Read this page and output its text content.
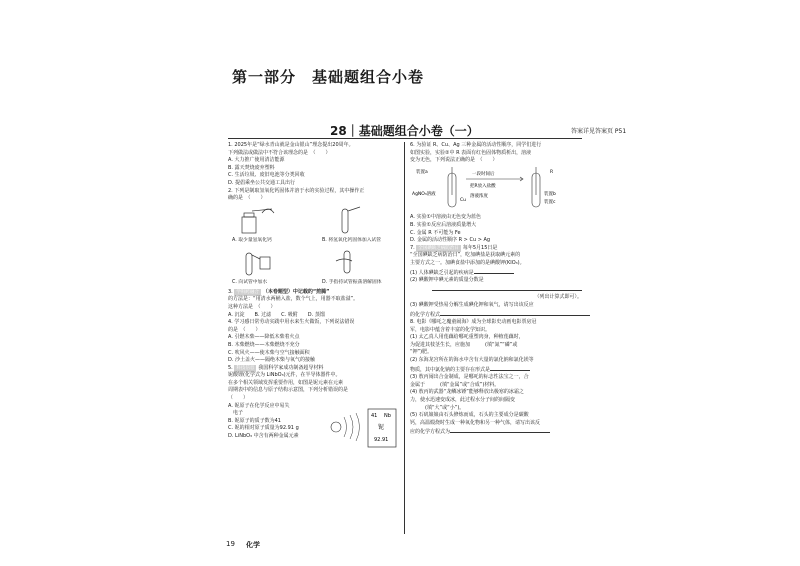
第一部分　基础题组合小卷
28｜基础题组合小卷（一）	答案详见答案页 P51
1. 2025年是“绿水青山就是金山银山”理念提出20周年。
下列做法或做法中不符合该理念的是　（　　）
A. 大力推广使用清洁能源
B. 露天焚烧废弃塑料
C. 生活垃圾、废旧电池等分类回收
D. 提倡乘坐公共交通工具出行
2. 下列是制取氢氧化钙固体并溶于水的实验过程，其中操作正
确的是　（　　）
A. 取少量氢氧化钙	B. 将氢氧化钙固体加入试管
C. 向试管中加水	D. 手指持试管振荡溶解固体
3. 学科跨融合 （本卷题型）中记载的“煎腾”
的方法是：“用清水两桶入盐，数个气上，用器不取盐溢”。
这种方法是　（　　）
A. 沉淀　　B. 过滤　　C. 吸附　　D. 蒸馏
4. 学习感日常劳动实践中用水来生火做饭，下列说法错误
的是　（　　）
A. 引燃木柴——降低木柴着火点
B. 木柴燃烧——木柴燃烧不充分
C. 吹风火——使木柴与空气接触面积
D. 沙土盖火——隔绝木柴与氧气的接触
5. 科技信息 我国科学家成功制备超导材料
铌酸锂(化学式为 LiNbO₃)元件，在半导体器件中。
在多个相关领域发挥重要作用，如图是铌元素在元素
周期表中的信息与原子结构示意图，下列分析错误的是
（　　）
A. 铌原子在化学反应中易失
　电子
B. 铌原子的质子数为41
C. 铌的相对原子质量为92.91 g
D. LiNbO₃ 中含有两种金属元素
41 Nb
铌
92.91
6. 为验证 R、Cu、Ag 三种金属的活动性顺序，同学们进行
如图实验，实验②中 R 表面有红色固体物质析出，溶液
变为无色，下列说法正确的是　（　　）
装置a	R
AgNO₃溶液
Cu
一段时间后
把R放入盐酸
装置b
装置c
溶液浓度
A. 实验①中溶液由无色变为蓝色
B. 实验①反应后溶液质量增大
C. 金属 R 不可能为 Fe
D. 金属的活动性顺序 R > Cu > Ag
7. 全国碘缺乏病防治日 每年5月15日是
“全国碘缺乏病防治日”，吃加碘盐是获取碘元素的
主要方式之一。加碘食盐中添加的是碘酸钾(KIO₃)。
(1) 人体碘缺乏引起的疾病是
(2) 碘酸钾中碘元素的质量分数是
（列出计算式即可）。
(3) 碘酸钾受热易分解生成碘化钾和氧气，请写出该反应
的化学方程式
8. 电影《哪吒之魔童闹海》成为全球影史动画电影票房冠
军，电影中蕴含着丰富的化学知识。
(1) 太乙真人用莲藕给哪吒重塑肉身，种植莲藕时，
为促进其枝茎生长，应施加　　　(填“氮”“磷”或
“钾”)肥。
(2) 东海龙宫所在的海水中含有大量的氯化钠和氯化镁等
物质，其中氯化钠的主要存在形式是
(3) 敖丙闹出合金制成，是哪吒的标志性法宝之一，合
金属于　　　(填“金属”或“合成”)材料。
(4) 敖丙的武器“龙鳞冰锤”能够释放出极寒的冰霜之
力，使水迅速变成冰，此过程水分子间的间隔变
　　　(填“大”或“小”)。
(5) 石矶娘娘由石头修炼而成，石头的主要成分是碳酸
钙，高温煅烧时生成一种氧化物和另一种气体，请写出该反
应的化学方程式为
19 化学
